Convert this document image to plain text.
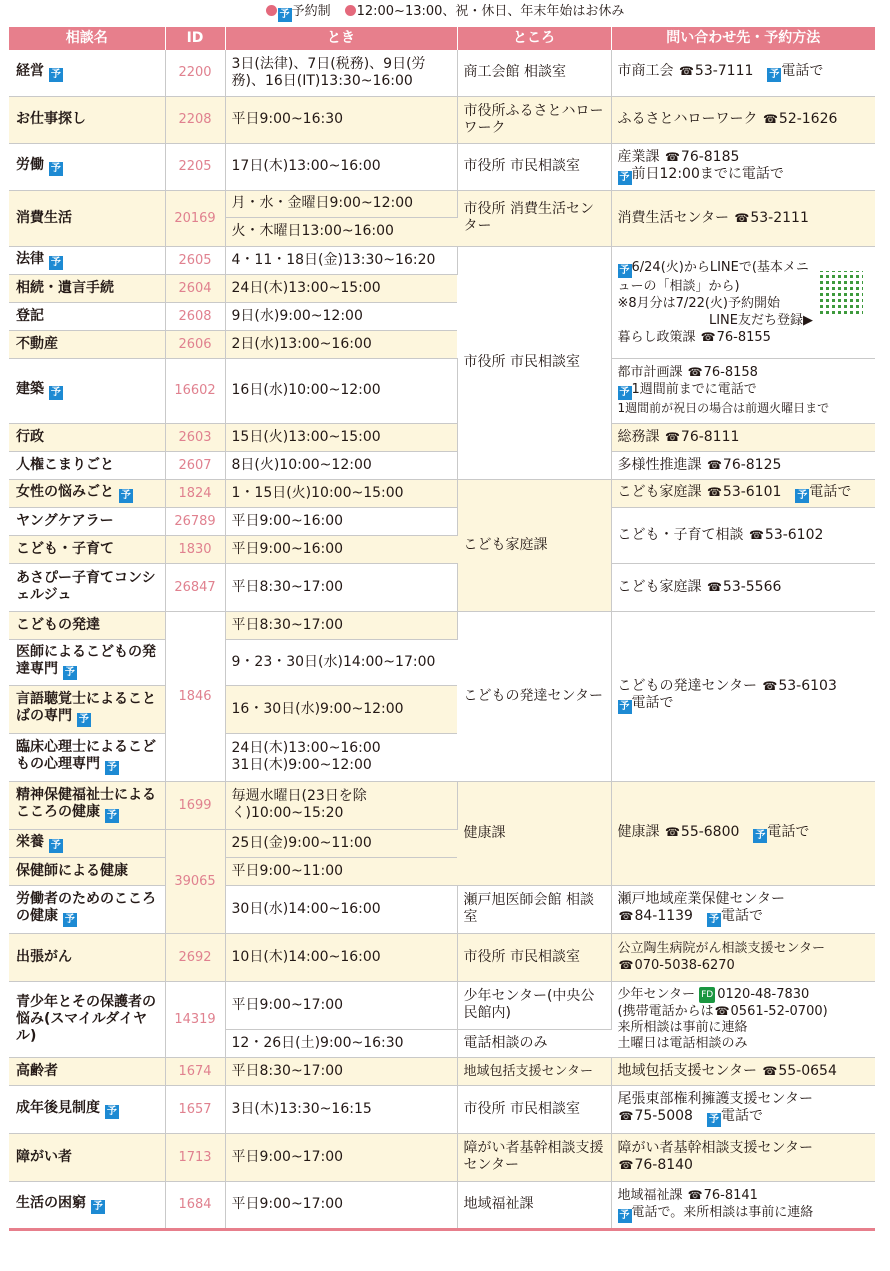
予 予約制 12:00~13:00、祝・休日、年末年始はお休み
相談名	ID	とき	ところ	問い合わせ先・予約方法
経営 予	2200	3日(法律)、7日(税務)、9日(労務)、16日(IT)13:30~16:00	商工会館 相談室	市商工会 ☎53-7111　 予 電話で
お仕事探し	2208	平日9:00~16:30	市役所ふるさとハローワーク	ふるさとハローワーク ☎52-1626
労働 予	2205	17日(木)13:00~16:00	市役所 市民相談室	産業課 ☎76-8185
予 前日12:00までに電話で

消費生活	20169	月・水・金曜日9:00~12:00	市役所 消費生活センター	消費生活センター ☎53-2111
		火・木曜日13:00~16:00		
法律 予	2605	4・11・18日(金)13:30~16:20	市役所 市民相談室	予 6/24(火)からLINEで(基本メニューの「相談」から)
※8月分は7/22(火)予約開始
LINE友だち登録▶
暮らし政策課 ☎76-8155

相続・遺言手続	2604	24日(木)13:00~15:00		
登記	2608	9日(水)9:00~12:00		
不動産	2606	2日(水)13:00~16:00		
建築 予	16602	16日(水)10:00~12:00		都市計画課 ☎76-8158
予 1週間前までに電話で
1週間前が祝日の場合は前週火曜日まで

行政	2603	15日(火)13:00~15:00		総務課 ☎76-8111
人権こまりごと	2607	8日(火)10:00~12:00		多様性推進課 ☎76-8125
女性の悩みごと 予	1824	1・15日(火)10:00~15:00	こども家庭課	こども家庭課 ☎53-6101　 予 電話で
ヤングケアラー	26789	平日9:00~16:00		こども・子育て相談 ☎53-6102
こども・子育て	1830	平日9:00~16:00		
あさぴー子育てコンシェルジュ	26847	平日8:30~17:00		こども家庭課 ☎53-5566
こどもの発達	1846	平日8:30~17:00	こどもの発達センター	こどもの発達センター ☎53-6103
予 電話で

医師によるこどもの発達専門 予		9・23・30日(水)14:00~17:00		
言語聴覚士によることばの専門 予		16・30日(水)9:00~12:00		
臨床心理士によるこどもの心理専門 予		24日(木)13:00~16:00
31日(木)9:00~12:00		

精神保健福祉士によるこころの健康 予	1699	毎週水曜日(23日を除く)10:00~15:20	健康課	健康課 ☎55-6800　 予 電話で
栄養 予	39065	25日(金)9:00~11:00		
保健師による健康		平日9:00~11:00		
労働者のためのこころの健康 予		30日(水)14:00~16:00	瀬戸旭医師会館 相談室	瀬戸地域産業保健センター
☎84-1139　 予 電話で

出張がん	2692	10日(木)14:00~16:00	市役所 市民相談室	公立陶生病院がん相談支援センター
☎070-5038-6270

青少年とその保護者の悩み(スマイルダイヤル)	14319	平日9:00~17:00	少年センター(中央公民館内)	少年センター FD 0120-48-7830
(携帯電話からは☎0561-52-0700)
来所相談は事前に連絡
土曜日は電話相談のみ

		12・26日(土)9:00~16:30	電話相談のみ	
高齢者	1674	平日8:30~17:00	地域包括支援センター	地域包括支援センター ☎55-0654
成年後見制度 予	1657	3日(木)13:30~16:15	市役所 市民相談室	尾張東部権利擁護支援センター
☎75-5008　 予 電話で

障がい者	1713	平日9:00~17:00	障がい者基幹相談支援センター	障がい者基幹相談支援センター
☎76-8140

生活の困窮 予	1684	平日9:00~17:00	地域福祉課	地域福祉課 ☎76-8141
予 電話で。来所相談は事前に連絡
